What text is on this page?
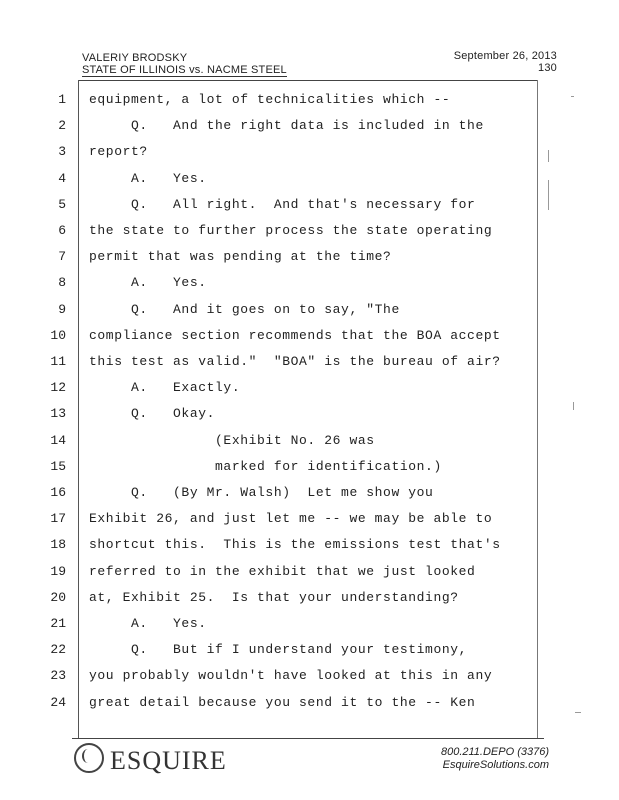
VALERIY BRODSKY
STATE OF ILLINOIS vs. NACME STEEL
September 26, 2013
130
1 equipment, a lot of technicalities which --
2 Q.   And the right data is included in the
3 report?
4 A.   Yes.
5 Q.   All right.  And that's necessary for
6 the state to further process the state operating
7 permit that was pending at the time?
8 A.   Yes.
9 Q.   And it goes on to say, "The
10 compliance section recommends that the BOA accept
11 this test as valid."  "BOA" is the bureau of air?
12 A.   Exactly.
13 Q.   Okay.
14 (Exhibit No. 26 was
15 marked for identification.)
16 Q.   (By Mr. Walsh)  Let me show you
17 Exhibit 26, and just let me -- we may be able to
18 shortcut this.  This is the emissions test that's
19 referred to in the exhibit that we just looked
20 at, Exhibit 25.  Is that your understanding?
21 A.   Yes.
22 Q.   But if I understand your testimony,
23 you probably wouldn't have looked at this in any
24 great detail because you send it to the -- Ken
ESQUIRE	800.211.DEPO (3376)
EsquireSolutions.com
